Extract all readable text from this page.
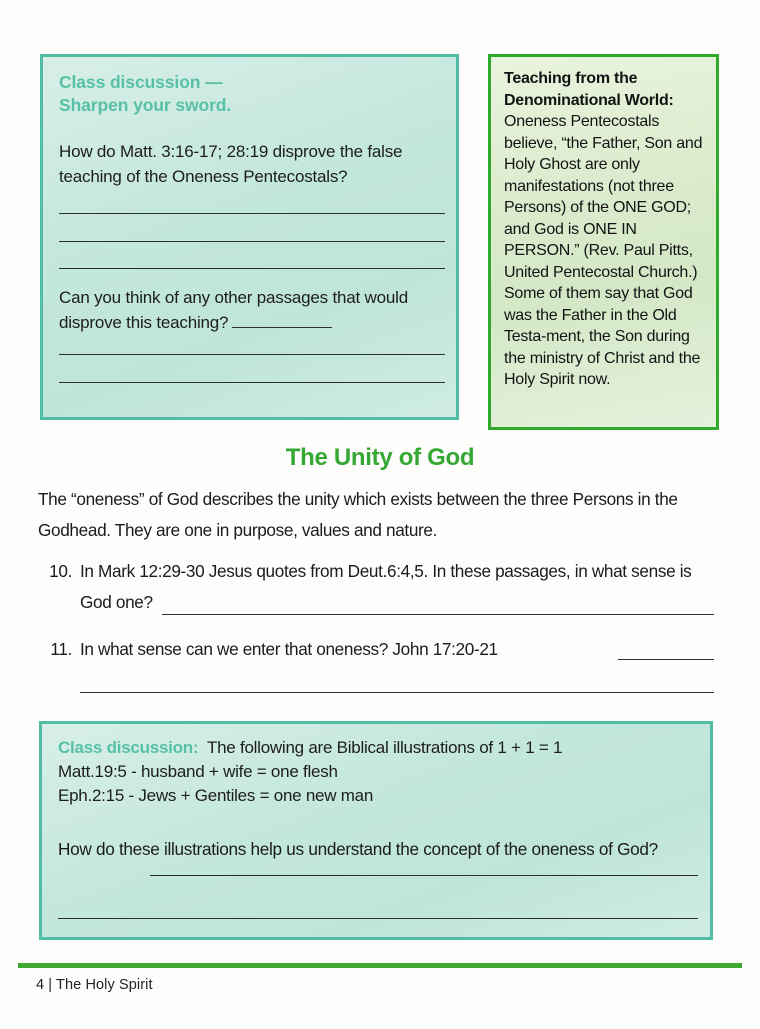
Class discussion —
Sharpen your sword.
How do Matt. 3:16-17; 28:19 disprove the false teaching of the Oneness Pentecostals?
Can you think of any other passages that would disprove this teaching?
Teaching from the Denominational World: Oneness Pentecostals believe, “the Father, Son and Holy Ghost are only manifestations (not three Persons) of the ONE GOD; and God is ONE IN PERSON.” (Rev. Paul Pitts, United Pentecostal Church.) Some of them say that God was the Father in the Old Testa-ment, the Son during the ministry of Christ and the Holy Spirit now.
The Unity of God
The “oneness” of God describes the unity which exists between the three Persons in the Godhead. They are one in purpose, values and nature.
10. In Mark 12:29-30 Jesus quotes from Deut.6:4,5. In these passages, in what sense is God one?
11. In what sense can we enter that oneness? John 17:20-21
Class discussion: The following are Biblical illustrations of 1 + 1 = 1
Matt.19:5 - husband + wife = one flesh
Eph.2:15 - Jews + Gentiles = one new man
How do these illustrations help us understand the concept of the oneness of God?
4 | The Holy Spirit
